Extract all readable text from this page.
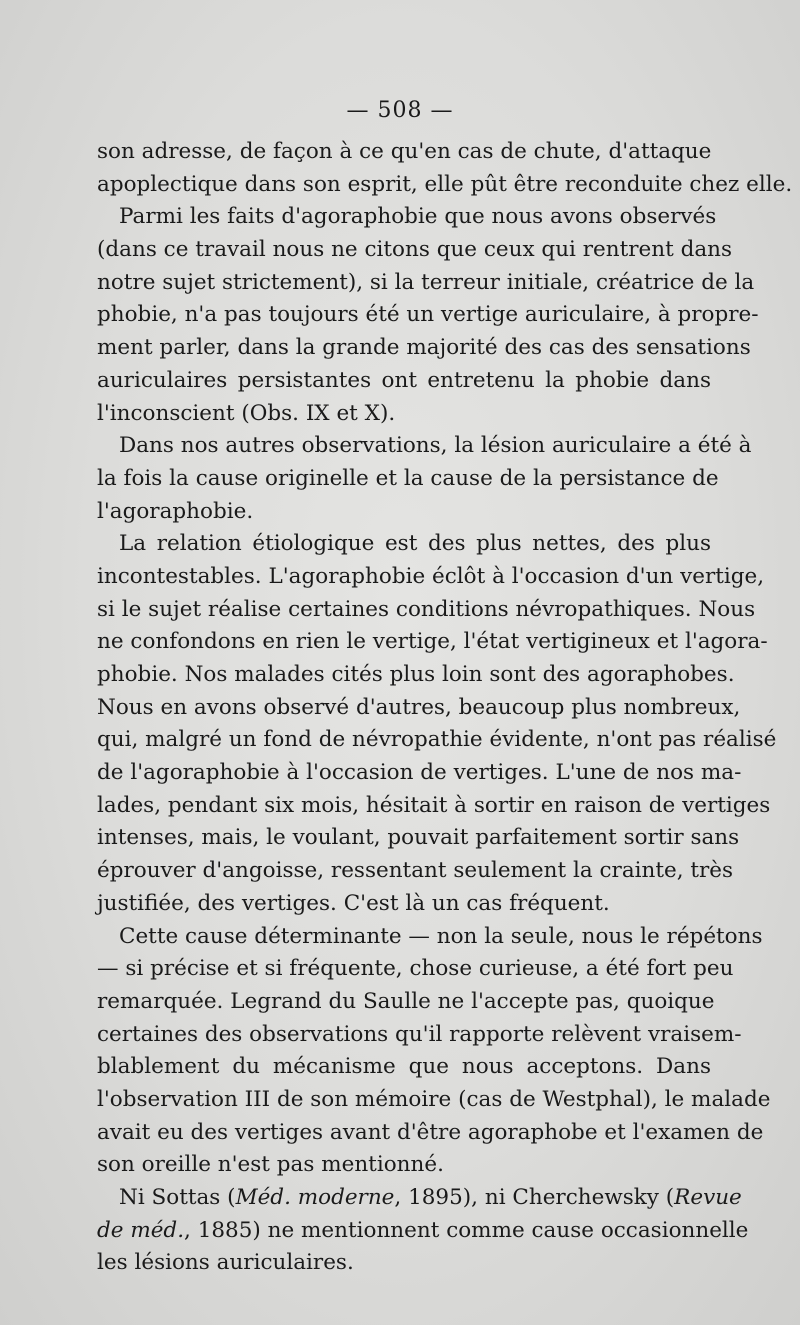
— 508 —
son adresse, de façon à ce qu'en cas de chute, d'attaque
apoplectique dans son esprit, elle pût être reconduite chez elle.
Parmi les faits d'agoraphobie que nous avons observés
(dans ce travail nous ne citons que ceux qui rentrent dans
notre sujet strictement), si la terreur initiale, créatrice de la
phobie, n'a pas toujours été un vertige auriculaire, à propre-
ment parler, dans la grande majorité des cas des sensations
auriculaires persistantes ont entretenu la phobie dans
l'inconscient (Obs. IX et X).
Dans nos autres observations, la lésion auriculaire a été à
la fois la cause originelle et la cause de la persistance de
l'agoraphobie.
La relation étiologique est des plus nettes, des plus
incontestables. L'agoraphobie éclôt à l'occasion d'un vertige,
si le sujet réalise certaines conditions névropathiques. Nous
ne confondons en rien le vertige, l'état vertigineux et l'agora-
phobie. Nos malades cités plus loin sont des agoraphobes.
Nous en avons observé d'autres, beaucoup plus nombreux,
qui, malgré un fond de névropathie évidente, n'ont pas réalisé
de l'agoraphobie à l'occasion de vertiges. L'une de nos ma-
lades, pendant six mois, hésitait à sortir en raison de vertiges
intenses, mais, le voulant, pouvait parfaitement sortir sans
éprouver d'angoisse, ressentant seulement la crainte, très
justifiée, des vertiges. C'est là un cas fréquent.
Cette cause déterminante — non la seule, nous le répétons
— si précise et si fréquente, chose curieuse, a été fort peu
remarquée. Legrand du Saulle ne l'accepte pas, quoique
certaines des observations qu'il rapporte relèvent vraisem-
blablement du mécanisme que nous acceptons. Dans
l'observation III de son mémoire (cas de Westphal), le malade
avait eu des vertiges avant d'être agoraphobe et l'examen de
son oreille n'est pas mentionné.
Ni Sottas (Méd. moderne, 1895), ni Cherchewsky (Revue
de méd., 1885) ne mentionnent comme cause occasionnelle
les lésions auriculaires.
